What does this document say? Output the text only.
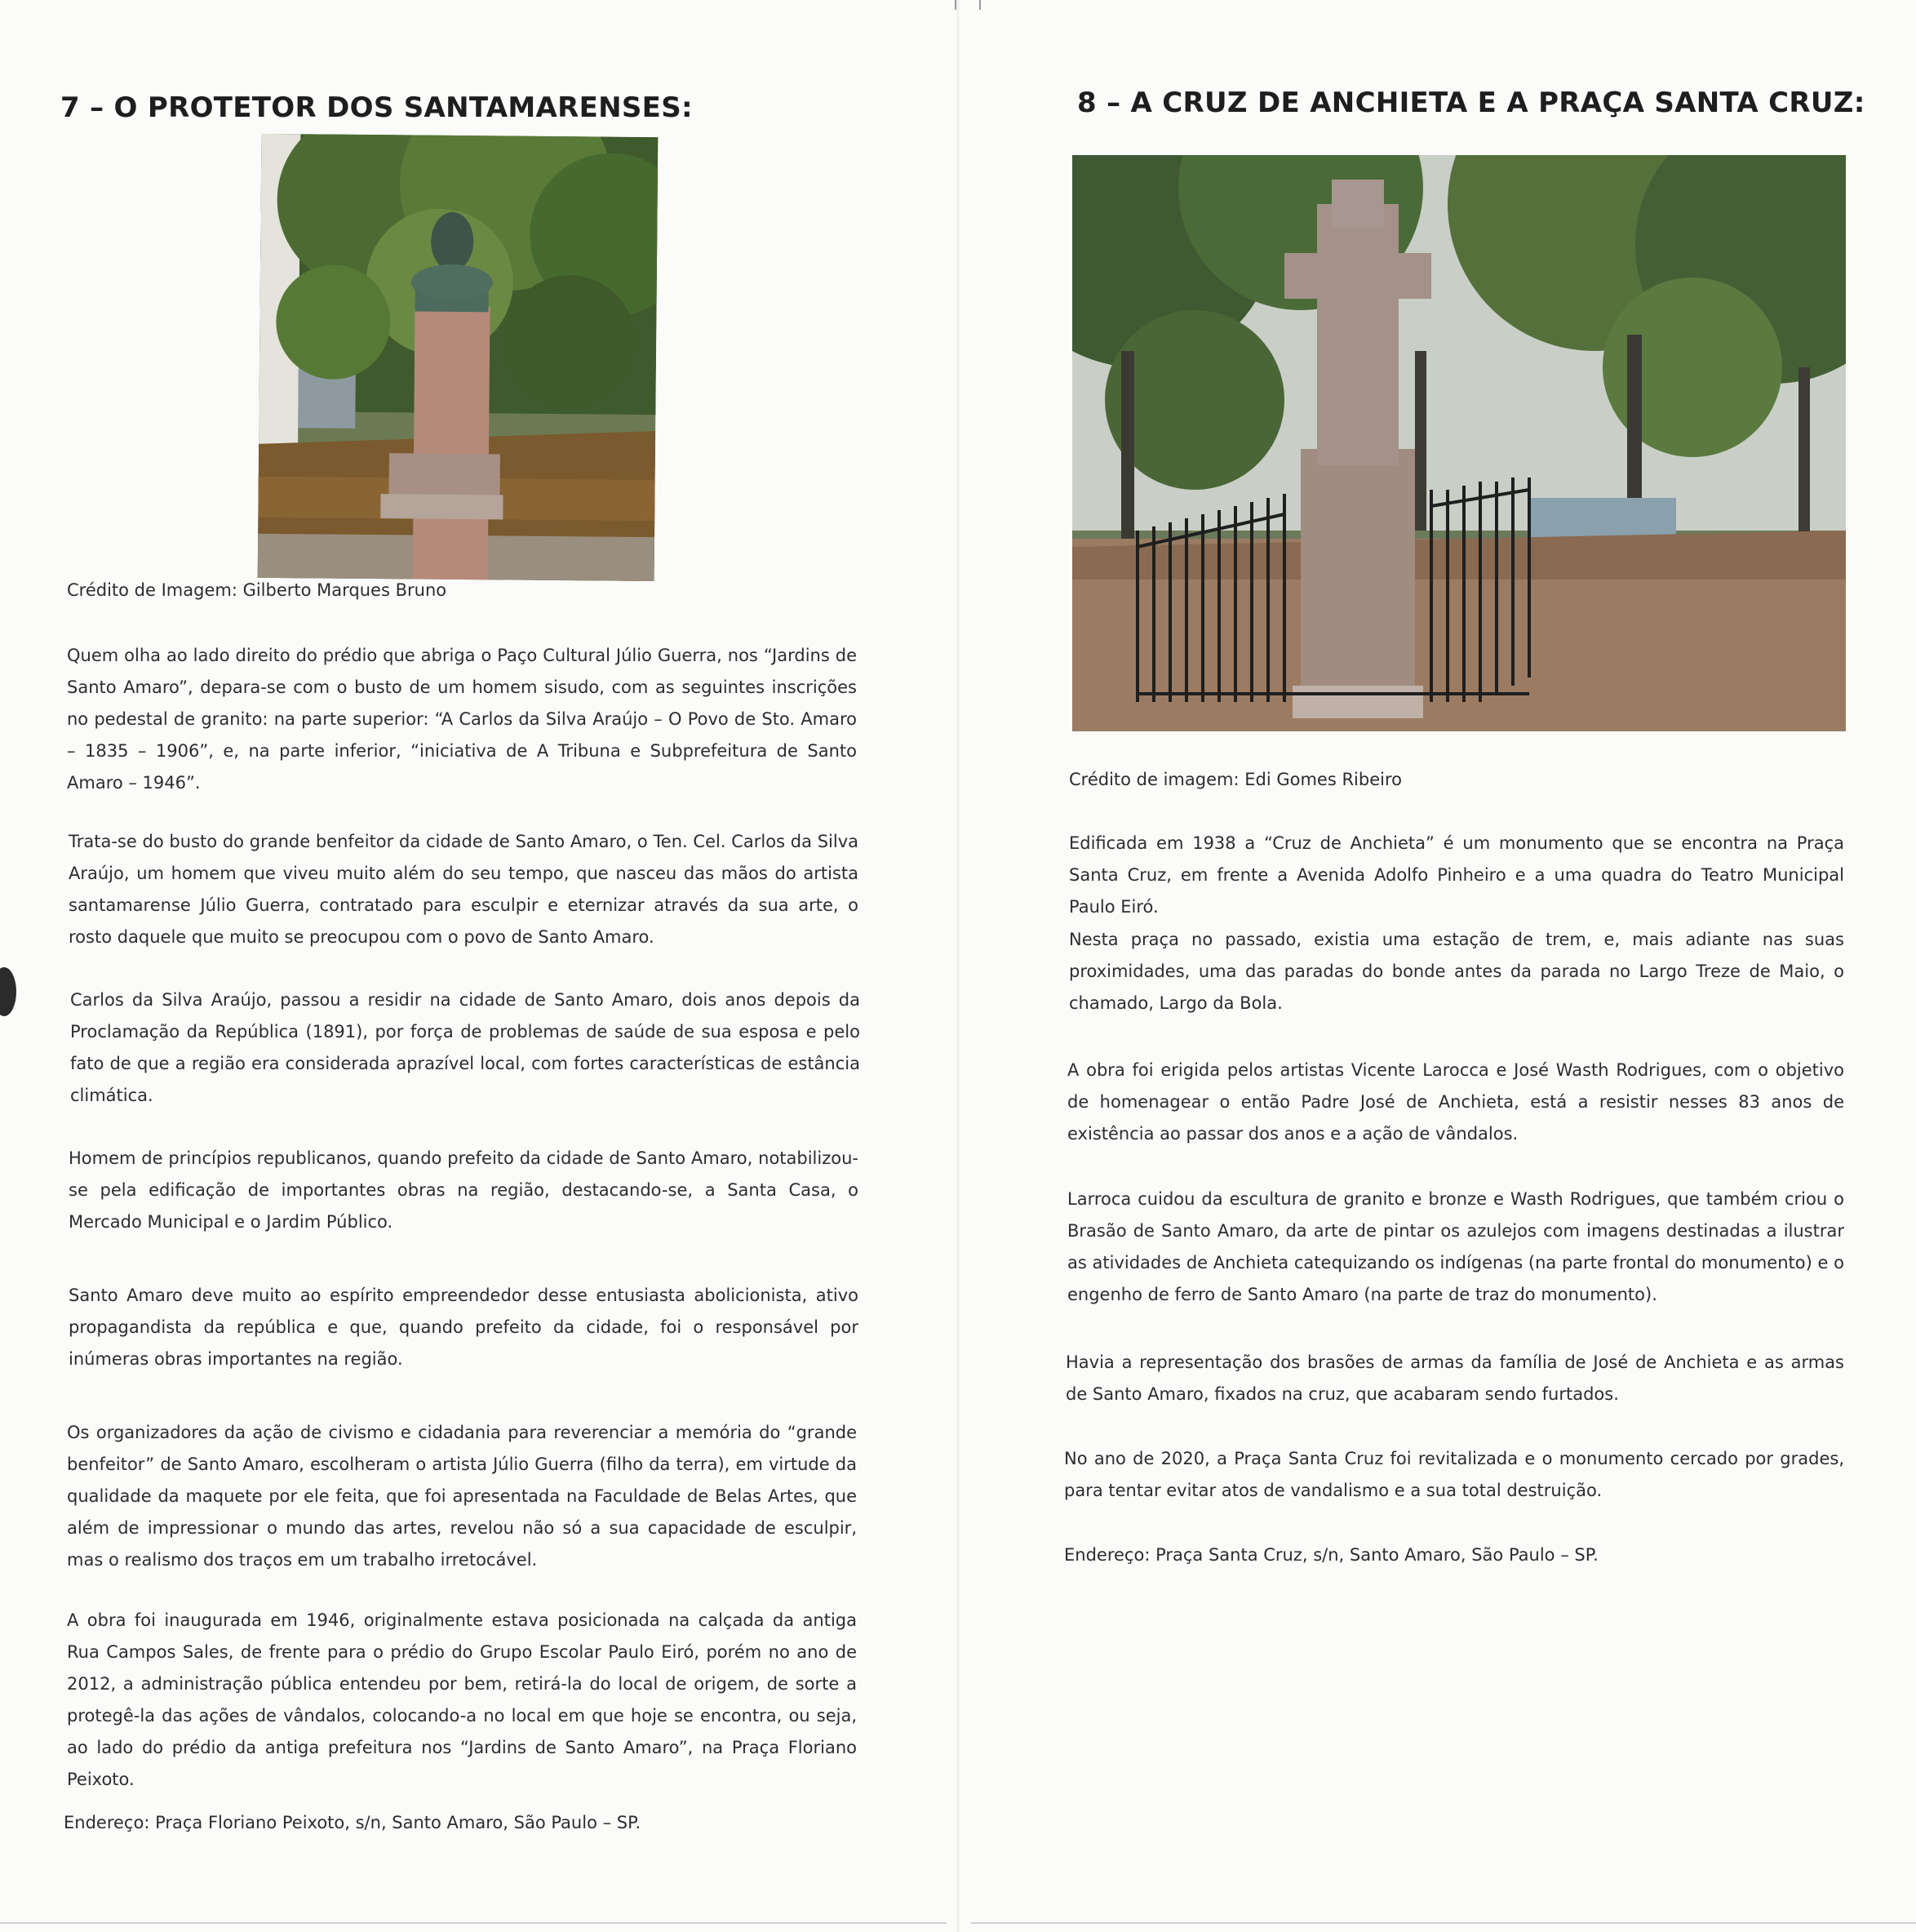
7 – O PROTETOR DOS SANTAMARENSES:

Crédito de Imagem: Gilberto Marques Bruno

Quem olha ao lado direito do prédio que abriga o Paço Cultural Júlio Guerra, nos “Jardins de Santo Amaro”, depara-se com o busto de um homem sisudo, com as seguintes inscrições no pedestal de granito: na parte superior: “A Carlos da Silva Araújo – O Povo de Sto. Amaro – 1835 – 1906”, e, na parte inferior, “iniciativa de A Tribuna e Subprefeitura de Santo Amaro – 1946”.

Trata-se do busto do grande benfeitor da cidade de Santo Amaro, o Ten. Cel. Carlos da Silva Araújo, um homem que viveu muito além do seu tempo, que nasceu das mãos do artista santamarense Júlio Guerra, contratado para esculpir e eternizar através da sua arte, o rosto daquele que muito se preocupou com o povo de Santo Amaro.

Carlos da Silva Araújo, passou a residir na cidade de Santo Amaro, dois anos depois da Proclamação da República (1891), por força de problemas de saúde de sua esposa e pelo fato de que a região era considerada aprazível local, com fortes características de estância climática.

Homem de princípios republicanos, quando prefeito da cidade de Santo Amaro, notabilizou-se pela edificação de importantes obras na região, destacando-se, a Santa Casa, o Mercado Municipal e o Jardim Público.

Santo Amaro deve muito ao espírito empreendedor desse entusiasta abolicionista, ativo propagandista da república e que, quando prefeito da cidade, foi o responsável por inúmeras obras importantes na região.

Os organizadores da ação de civismo e cidadania para reverenciar a memória do “grande benfeitor” de Santo Amaro, escolheram o artista Júlio Guerra (filho da terra), em virtude da qualidade da maquete por ele feita, que foi apresentada na Faculdade de Belas Artes, que além de impressionar o mundo das artes, revelou não só a sua capacidade de esculpir, mas o realismo dos traços em um trabalho irretocável.

A obra foi inaugurada em 1946, originalmente estava posicionada na calçada da antiga Rua Campos Sales, de frente para o prédio do Grupo Escolar Paulo Eiró, porém no ano de 2012, a administração pública entendeu por bem, retirá-la do local de origem, de sorte a protegê-la das ações de vândalos, colocando-a no local em que hoje se encontra, ou seja, ao lado do prédio da antiga prefeitura nos “Jardins de Santo Amaro”, na Praça Floriano Peixoto.

Endereço: Praça Floriano Peixoto, s/n, Santo Amaro, São Paulo – SP.

8 – A CRUZ DE ANCHIETA E A PRAÇA SANTA CRUZ:

Crédito de imagem: Edi Gomes Ribeiro

Edificada em 1938 a “Cruz de Anchieta” é um monumento que se encontra na Praça Santa Cruz, em frente a Avenida Adolfo Pinheiro e a uma quadra do Teatro Municipal Paulo Eiró.

Nesta praça no passado, existia uma estação de trem, e, mais adiante nas suas proximidades, uma das paradas do bonde antes da parada no Largo Treze de Maio, o chamado, Largo da Bola.

A obra foi erigida pelos artistas Vicente Larocca e José Wasth Rodrigues, com o objetivo de homenagear o então Padre José de Anchieta, está a resistir nesses 83 anos de existência ao passar dos anos e a ação de vândalos.

Larroca cuidou da escultura de granito e bronze e Wasth Rodrigues, que também criou o Brasão de Santo Amaro, da arte de pintar os azulejos com imagens destinadas a ilustrar as atividades de Anchieta catequizando os indígenas (na parte frontal do monumento) e o engenho de ferro de Santo Amaro (na parte de traz do monumento).

Havia a representação dos brasões de armas da família de José de Anchieta e as armas de Santo Amaro, fixados na cruz, que acabaram sendo furtados.

No ano de 2020, a Praça Santa Cruz foi revitalizada e o monumento cercado por grades, para tentar evitar atos de vandalismo e a sua total destruição.

Endereço: Praça Santa Cruz, s/n, Santo Amaro, São Paulo – SP.
